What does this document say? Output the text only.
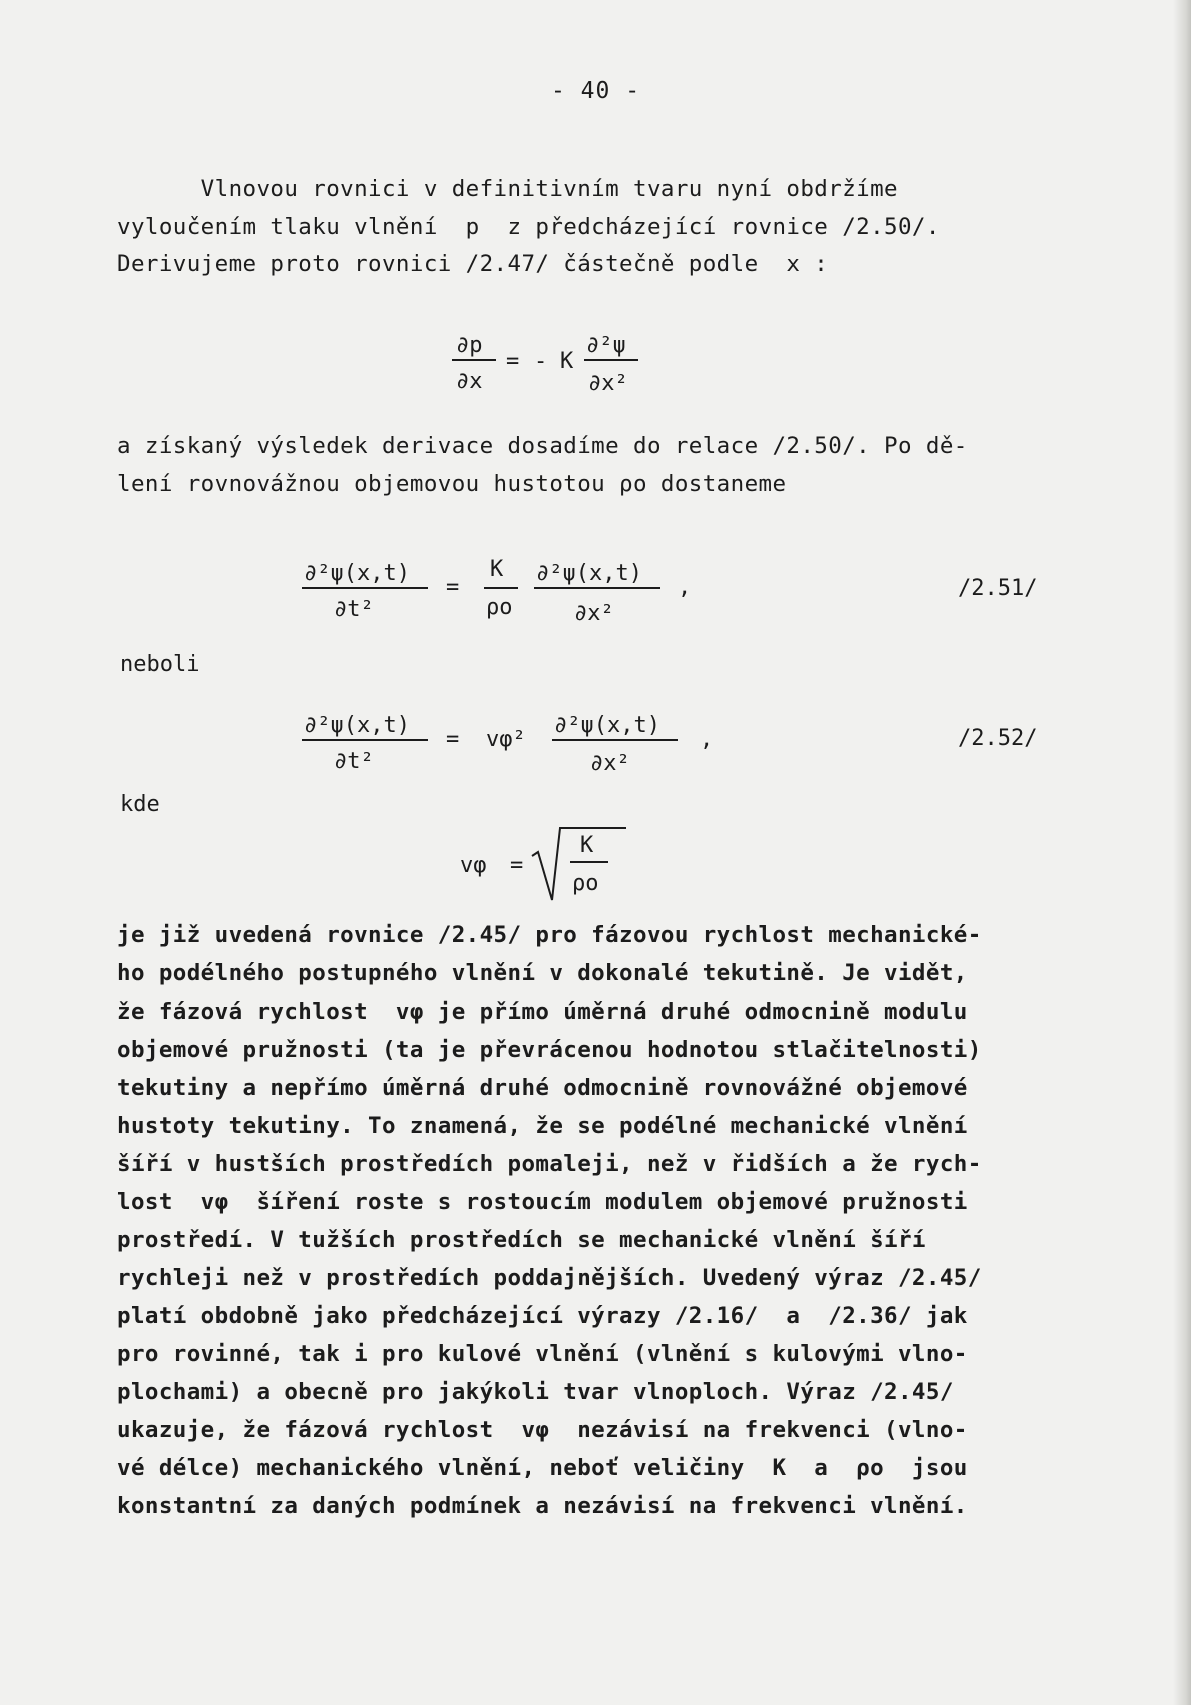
- 40 -
Vlnovou rovnici v definitivním tvaru nyní obdržíme
vyloučením tlaku vlnění  p  z předcházející rovnice /2.50/.
Derivujeme proto rovnici /2.47/ částečně podle  x :
∂p
∂x
= - K
∂²ψ
∂x²
a získaný výsledek derivace dosadíme do relace /2.50/. Po dě-
lení rovnovážnou objemovou hustotou ρo dostaneme
∂²ψ(x,t)
∂t²
=
K
ρo
∂²ψ(x,t)
∂x²
,	/2.51/
neboli
∂²ψ(x,t)
∂t²
= vφ²
∂²ψ(x,t)
∂x²
,	/2.52/
kde
vφ =
K
ρo
je již uvedená rovnice /2.45/ pro fázovou rychlost mechanické-
ho podélného postupného vlnění v dokonalé tekutině. Je vidět,
že fázová rychlost  vφ je přímo úměrná druhé odmocnině modulu
objemové pružnosti (ta je převrácenou hodnotou stlačitelnosti)
tekutiny a nepřímo úměrná druhé odmocnině rovnovážné objemové
hustoty tekutiny. To znamená, že se podélné mechanické vlnění
šíří v hustších prostředích pomaleji, než v řidších a že rych-
lost  vφ  šíření roste s rostoucím modulem objemové pružnosti
prostředí. V tužších prostředích se mechanické vlnění šíří
rychleji než v prostředích poddajnějších. Uvedený výraz /2.45/
platí obdobně jako předcházející výrazy /2.16/  a  /2.36/ jak
pro rovinné, tak i pro kulové vlnění (vlnění s kulovými vlno-
plochami) a obecně pro jakýkoli tvar vlnoploch. Výraz /2.45/
ukazuje, že fázová rychlost  vφ  nezávisí na frekvenci (vlno-
vé délce) mechanického vlnění, neboť veličiny  K  a  ρo  jsou
konstantní za daných podmínek a nezávisí na frekvenci vlnění.
